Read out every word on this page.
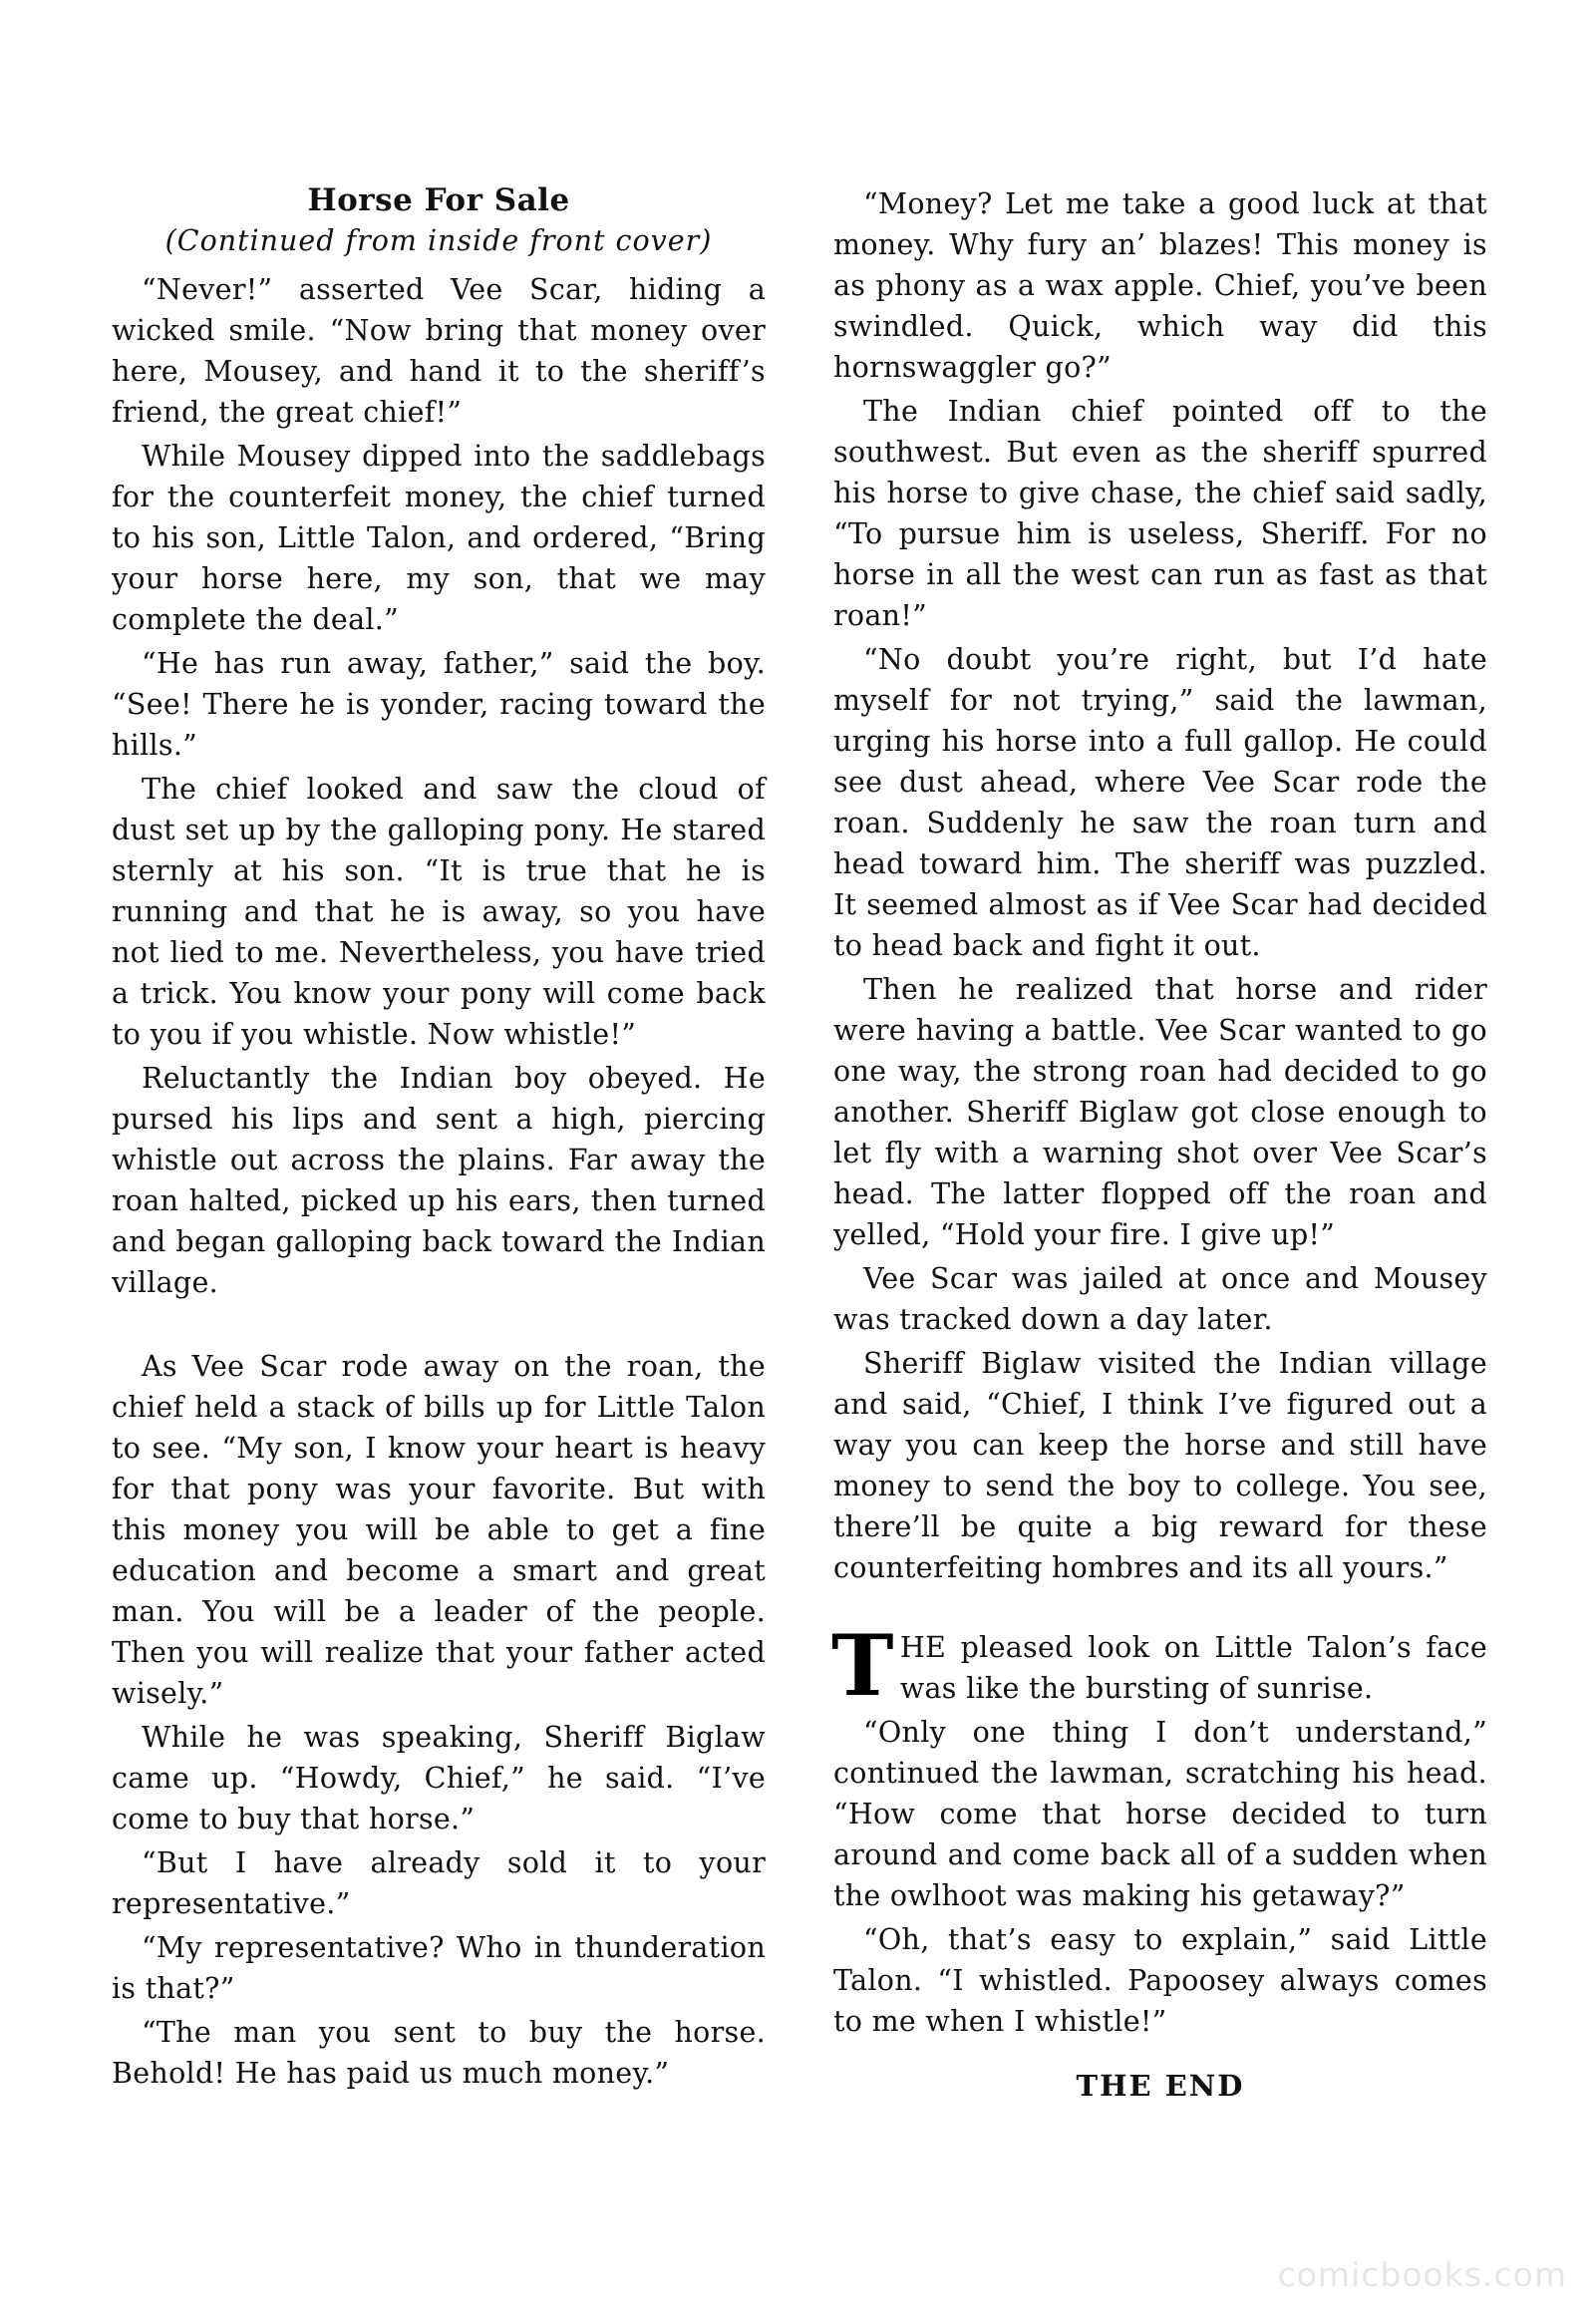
Horse For Sale
(Continued from inside front cover)

“Never!” asserted Vee Scar, hiding a wicked smile. “Now bring that money over here, Mousey, and hand it to the sheriff’s friend, the great chief!”

While Mousey dipped into the saddlebags for the counterfeit money, the chief turned to his son, Little Talon, and ordered, “Bring your horse here, my son, that we may complete the deal.”

“He has run away, father,” said the boy. “See! There he is yonder, racing toward the hills.”

The chief looked and saw the cloud of dust set up by the galloping pony. He stared sternly at his son. “It is true that he is running and that he is away, so you have not lied to me. Nevertheless, you have tried a trick. You know your pony will come back to you if you whistle. Now whistle!”

Reluctantly the Indian boy obeyed. He pursed his lips and sent a high, piercing whistle out across the plains. Far away the roan halted, picked up his ears, then turned and began galloping back toward the Indian village.

As Vee Scar rode away on the roan, the chief held a stack of bills up for Little Talon to see. “My son, I know your heart is heavy for that pony was your favorite. But with this money you will be able to get a fine education and become a smart and great man. You will be a leader of the people. Then you will realize that your father acted wisely.”

While he was speaking, Sheriff Biglaw came up. “Howdy, Chief,” he said. “I’ve come to buy that horse.”

“But I have already sold it to your representative.”

“My representative? Who in thunderation is that?”

“The man you sent to buy the horse. Behold! He has paid us much money.”

“Money? Let me take a good luck at that money. Why fury an’ blazes! This money is as phony as a wax apple. Chief, you’ve been swindled. Quick, which way did this hornswaggler go?”

The Indian chief pointed off to the southwest. But even as the sheriff spurred his horse to give chase, the chief said sadly, “To pursue him is useless, Sheriff. For no horse in all the west can run as fast as that roan!”

“No doubt you’re right, but I’d hate myself for not trying,” said the lawman, urging his horse into a full gallop. He could see dust ahead, where Vee Scar rode the roan. Suddenly he saw the roan turn and head toward him. The sheriff was puzzled. It seemed almost as if Vee Scar had decided to head back and fight it out.

Then he realized that horse and rider were having a battle. Vee Scar wanted to go one way, the strong roan had decided to go another. Sheriff Biglaw got close enough to let fly with a warning shot over Vee Scar’s head. The latter flopped off the roan and yelled, “Hold your fire. I give up!”

Vee Scar was jailed at once and Mousey was tracked down a day later.

Sheriff Biglaw visited the Indian village and said, “Chief, I think I’ve figured out a way you can keep the horse and still have money to send the boy to college. You see, there’ll be quite a big reward for these counterfeiting hombres and its all yours.”

THE pleased look on Little Talon’s face was like the bursting of sunrise.

“Only one thing I don’t understand,” continued the lawman, scratching his head. “How come that horse decided to turn around and come back all of a sudden when the owlhoot was making his getaway?”

“Oh, that’s easy to explain,” said Little Talon. “I whistled. Papoosey always comes to me when I whistle!”

THE END
comicbooks.com
